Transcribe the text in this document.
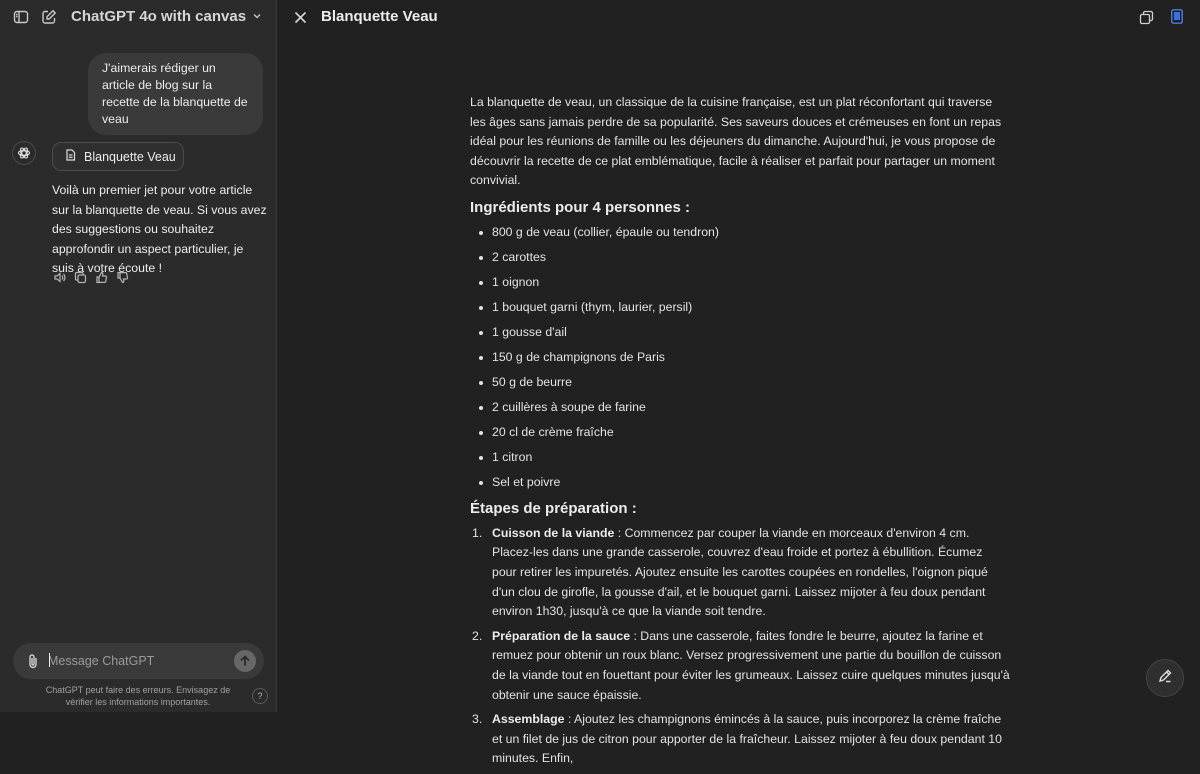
ChatGPT 4o with canvas
J'aimerais rédiger un article de blog sur la recette de la blanquette de veau
Blanquette Veau
Voilà un premier jet pour votre article sur la blanquette de veau. Si vous avez des suggestions ou souhaitez approfondir un aspect particulier, je suis à votre écoute !
Message ChatGPT
ChatGPT peut faire des erreurs. Envisagez de vérifier les informations importantes.
?
Blanquette Veau

La blanquette de veau, un classique de la cuisine française, est un plat réconfortant qui traverse les âges sans jamais perdre de sa popularité. Ses saveurs douces et crémeuses en font un repas idéal pour les réunions de famille ou les déjeuners du dimanche. Aujourd'hui, je vous propose de découvrir la recette de ce plat emblématique, facile à réaliser et parfait pour partager un moment convivial.

Ingrédients pour 4 personnes :
800 g de veau (collier, épaule ou tendron)
2 carottes
1 oignon
1 bouquet garni (thym, laurier, persil)
1 gousse d'ail
150 g de champignons de Paris
50 g de beurre
2 cuillères à soupe de farine
20 cl de crème fraîche
1 citron
Sel et poivre
Étapes de préparation :
1. Cuisson de la viande : Commencez par couper la viande en morceaux d'environ 4 cm. Placez-les dans une grande casserole, couvrez d'eau froide et portez à ébullition. Écumez pour retirer les impuretés. Ajoutez ensuite les carottes coupées en rondelles, l'oignon piqué d'un clou de girofle, la gousse d'ail, et le bouquet garni. Laissez mijoter à feu doux pendant environ 1h30, jusqu'à ce que la viande soit tendre.
2. Préparation de la sauce : Dans une casserole, faites fondre le beurre, ajoutez la farine et remuez pour obtenir un roux blanc. Versez progressivement une partie du bouillon de cuisson de la viande tout en fouettant pour éviter les grumeaux. Laissez cuire quelques minutes jusqu'à obtenir une sauce épaissie.
3. Assemblage : Ajoutez les champignons émincés à la sauce, puis incorporez la crème fraîche et un filet de jus de citron pour apporter de la fraîcheur. Laissez mijoter à feu doux pendant 10 minutes. Enfin,
